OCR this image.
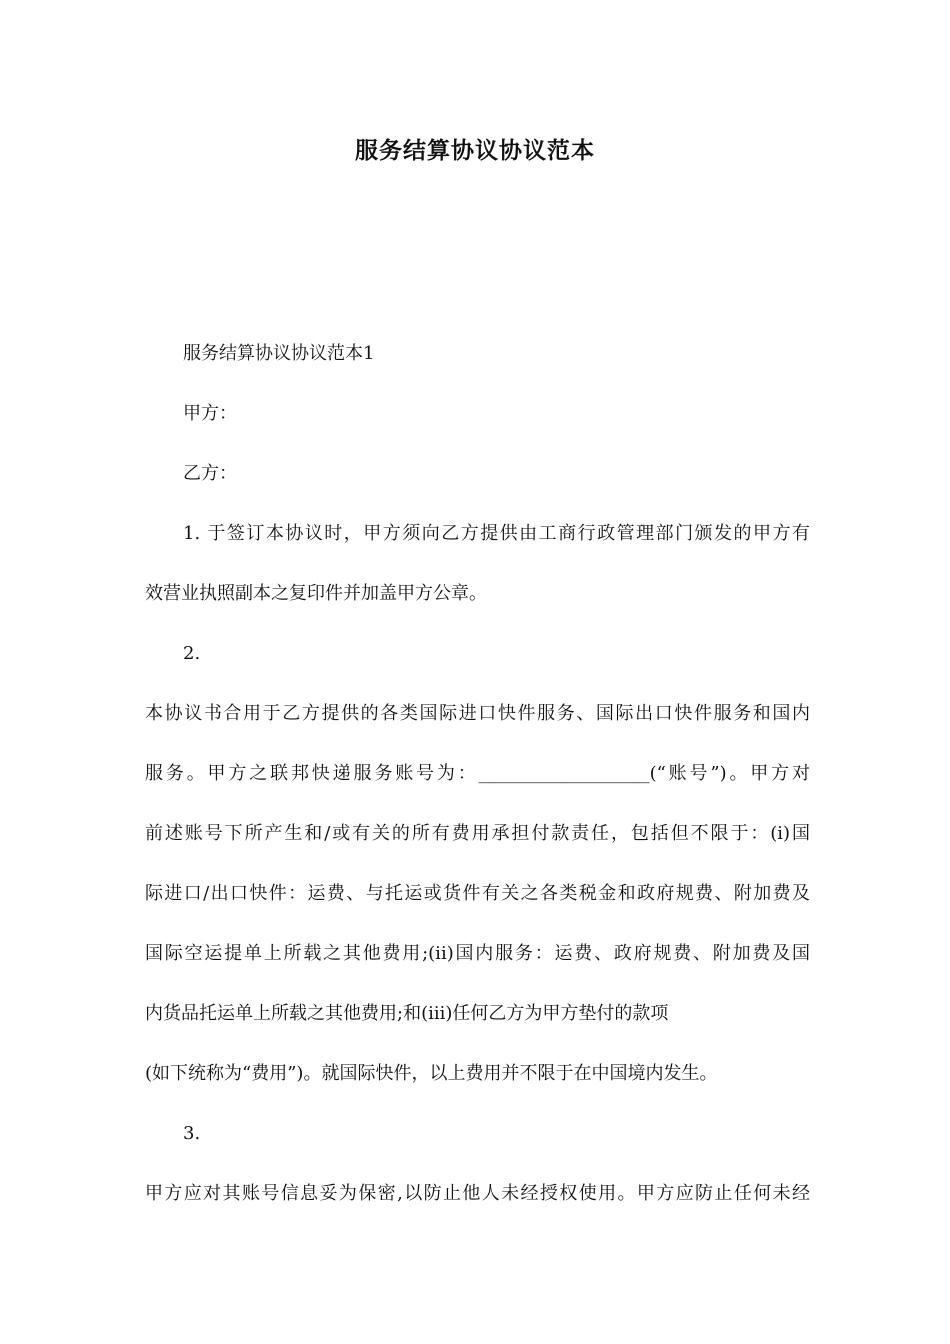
服务结算协议协议范本
服务结算协议协议范本1
甲方：
乙方：
1. 于签订本协议时，甲方须向乙方提供由工商行政管理部门颁发的甲方有
效营业执照副本之复印件并加盖甲方公章。
2.
本协议书合用于乙方提供的各类国际进口快件服务、国际出口快件服务和国内
服务。甲方之联邦快递服务账号为：___________________(“账号”)。甲方对
前述账号下所产生和/或有关的所有费用承担付款责任，包括但不限于：(i)国
际进口/出口快件：运费、与托运或货件有关之各类税金和政府规费、附加费及
国际空运提单上所载之其他费用;(ii)国内服务：运费、政府规费、附加费及国
内货品托运单上所载之其他费用;和(iii)任何乙方为甲方垫付的款项
(如下统称为“费用”)。就国际快件，以上费用并不限于在中国境内发生。
3.
甲方应对其账号信息妥为保密,以防止他人未经授权使用。甲方应防止任何未经
